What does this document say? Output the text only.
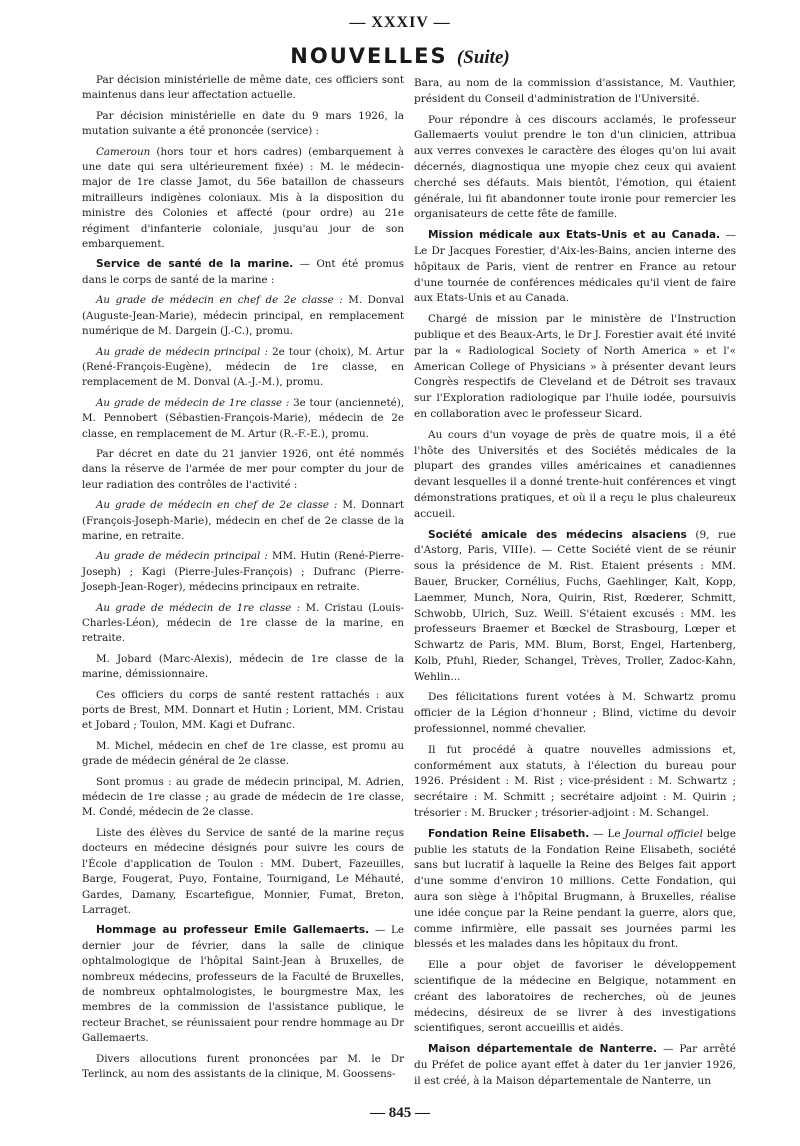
— XXXIV —
NOUVELLES (Suite)

Par décision ministérielle de même date, ces officiers sont maintenus dans leur affectation actuelle.

Par décision ministérielle en date du 9 mars 1926, la mutation suivante a été prononcée (service) :

Cameroun (hors tour et hors cadres) (embarquement à une date qui sera ultérieurement fixée) : M. le médecin-major de 1re classe Jamot, du 56e bataillon de chasseurs mitrailleurs indigènes coloniaux. Mis à la disposition du ministre des Colonies et affecté (pour ordre) au 21e régiment d'infanterie coloniale, jusqu'au jour de son embarquement.

Service de santé de la marine. — Ont été promus dans le corps de santé de la marine :

Au grade de médecin en chef de 2e classe : M. Donval (Auguste-Jean-Marie), médecin principal, en remplacement numérique de M. Dargein (J.-C.), promu.

Au grade de médecin principal : 2e tour (choix), M. Artur (René-François-Eugène), médecin de 1re classe, en remplacement de M. Donval (A.-J.-M.), promu.

Au grade de médecin de 1re classe : 3e tour (ancienneté), M. Pennobert (Sébastien-François-Marie), médecin de 2e classe, en remplacement de M. Artur (R.-F.-E.), promu.

Par décret en date du 21 janvier 1926, ont été nommés dans la réserve de l'armée de mer pour compter du jour de leur radiation des contrôles de l'activité :

Au grade de médecin en chef de 2e classe : M. Donnart (François-Joseph-Marie), médecin en chef de 2e classe de la marine, en retraite.

Au grade de médecin principal : MM. Hutin (René-Pierre-Joseph) ; Kagi (Pierre-Jules-François) ; Dufranc (Pierre-Joseph-Jean-Roger), médecins principaux en retraite.

Au grade de médecin de 1re classe : M. Cristau (Louis-Charles-Léon), médecin de 1re classe de la marine, en retraite.

M. Jobard (Marc-Alexis), médecin de 1re classe de la marine, démissionnaire.

Ces officiers du corps de santé restent rattachés : aux ports de Brest, MM. Donnart et Hutin ; Lorient, MM. Cristau et Jobard ; Toulon, MM. Kagi et Dufranc.

M. Michel, médecin en chef de 1re classe, est promu au grade de médecin général de 2e classe.

Sont promus : au grade de médecin principal, M. Adrien, médecin de 1re classe ; au grade de médecin de 1re classe, M. Condé, médecin de 2e classe.

Liste des élèves du Service de santé de la marine reçus docteurs en médecine désignés pour suivre les cours de l'École d'application de Toulon : MM. Dubert, Fazeuilles, Barge, Fougerat, Puyo, Fontaine, Tournigand, Le Méhauté, Gardes, Damany, Escartefigue, Monnier, Fumat, Breton, Larraget.

Hommage au professeur Emile Gallemaerts. — Le dernier jour de février, dans la salle de clinique ophtalmologique de l'hôpital Saint-Jean à Bruxelles, de nombreux médecins, professeurs de la Faculté de Bruxelles, de nombreux ophtalmologistes, le bourgmestre Max, les membres de la commission de l'assistance publique, le recteur Brachet, se réunissaient pour rendre hommage au Dr Gallemaerts.

Divers allocutions furent prononcées par M. le Dr Terlinck, au nom des assistants de la clinique, M. Goossens-

Bara, au nom de la commission d'assistance, M. Vauthier, président du Conseil d'administration de l'Université.

Pour répondre à ces discours acclamés, le professeur Gallemaerts voulut prendre le ton d'un clinicien, attribua aux verres convexes le caractère des éloges qu'on lui avait décernés, diagnostiqua une myopie chez ceux qui avaient cherché ses défauts. Mais bientôt, l'émotion, qui étaient générale, lui fit abandonner toute ironie pour remercier les organisateurs de cette fête de famille.

Mission médicale aux Etats-Unis et au Canada. — Le Dr Jacques Forestier, d'Aix-les-Bains, ancien interne des hôpitaux de Paris, vient de rentrer en France au retour d'une tournée de conférences médicales qu'il vient de faire aux Etats-Unis et au Canada.

Chargé de mission par le ministère de l'Instruction publique et des Beaux-Arts, le Dr J. Forestier avait été invité par la « Radiological Society of North America » et l'« American College of Physicians » à présenter devant leurs Congrès respectifs de Cleveland et de Détroit ses travaux sur l'Exploration radiologique par l'huile iodée, poursuivis en collaboration avec le professeur Sicard.

Au cours d'un voyage de près de quatre mois, il a été l'hôte des Universités et des Sociétés médicales de la plupart des grandes villes américaines et canadiennes devant lesquelles il a donné trente-huit conférences et vingt démonstrations pratiques, et où il a reçu le plus chaleureux accueil.

Société amicale des médecins alsaciens (9, rue d'Astorg, Paris, VIIIe). — Cette Société vient de se réunir sous la présidence de M. Rist. Etaient présents : MM. Bauer, Brucker, Cornélius, Fuchs, Gaehlinger, Kalt, Kopp, Laemmer, Munch, Nora, Quirin, Rist, Rœderer, Schmitt, Schwobb, Ulrich, Suz. Weill. S'étaient excusés : MM. les professeurs Braemer et Bœckel de Strasbourg, Lœper et Schwartz de Paris, MM. Blum, Borst, Engel, Hartenberg, Kolb, Pfuhl, Rieder, Schangel, Trèves, Troller, Zadoc-Kahn, Wehlin...

Des félicitations furent votées à M. Schwartz promu officier de la Légion d'honneur ; Blind, victime du devoir professionnel, nommé chevalier.

Il fut procédé à quatre nouvelles admissions et, conformément aux statuts, à l'élection du bureau pour 1926. Président : M. Rist ; vice-président : M. Schwartz ; secrétaire : M. Schmitt ; secrétaire adjoint : M. Quirin ; trésorier : M. Brucker ; trésorier-adjoint : M. Schangel.

Fondation Reine Elisabeth. — Le Journal officiel belge publie les statuts de la Fondation Reine Elisabeth, société sans but lucratif à laquelle la Reine des Belges fait apport d'une somme d'environ 10 millions. Cette Fondation, qui aura son siège à l'hôpital Brugmann, à Bruxelles, réalise une idée conçue par la Reine pendant la guerre, alors que, comme infirmière, elle passait ses journées parmi les blessés et les malades dans les hôpitaux du front.

Elle a pour objet de favoriser le développement scientifique de la médecine en Belgique, notamment en créant des laboratoires de recherches, où de jeunes médecins, désireux de se livrer à des investigations scientifiques, seront accueillis et aidés.

Maison départementale de Nanterre. — Par arrêté du Préfet de police ayant effet à dater du 1er janvier 1926, il est créé, à la Maison départementale de Nanterre, un

— 845 —
